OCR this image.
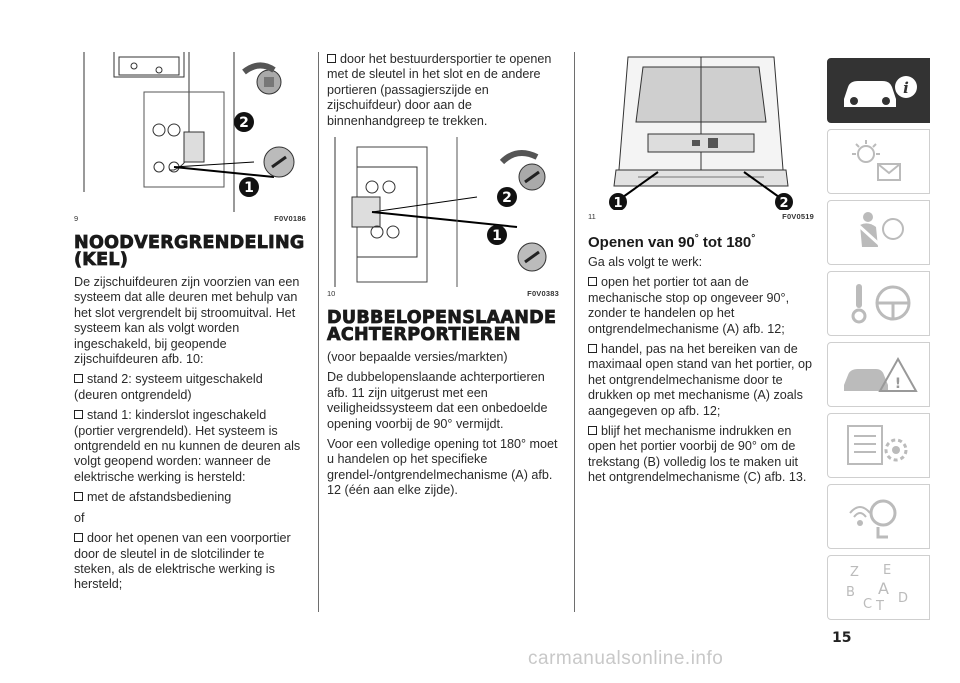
2
1
9	F0V0186
NOODVERGRENDELING (KEL)

De zijschuifdeuren zijn voorzien van een systeem dat alle deuren met behulp van het slot vergrendelt bij stroomuitval. Het systeem kan als volgt worden ingeschakeld, bij geopende zijschuifdeuren afb. 10:

stand 2: systeem uitgeschakeld (deuren ontgrendeld)

stand 1: kinderslot ingeschakeld (portier vergrendeld). Het systeem is ontgrendeld en nu kunnen de deuren als volgt geopend worden: wanneer de elektrische werking is hersteld:

met de afstandsbediening

of

door het openen van een voorportier door de sleutel in de slotcilinder te steken, als de elektrische werking is hersteld;

door het bestuurdersportier te openen met de sleutel in het slot en de andere portieren (passagierszijde en zijschuifdeur) door aan de binnenhandgreep te trekken.

2
1
10	F0V0383
DUBBELOPENSLAANDE ACHTERPORTIEREN

(voor bepaalde versies/markten)

De dubbelopenslaande achterportieren afb. 11 zijn uitgerust met een veiligheidssysteem dat een onbedoelde opening voorbij de 90° vermijdt.

Voor een volledige opening tot 180° moet u handelen op het specifieke grendel-/ontgrendelmechanisme (A) afb. 12 (één aan elke zijde).

1	2
11	F0V0519
Openen van 90° tot 180°

Ga als volgt te werk:

open het portier tot aan de mechanische stop op ongeveer 90°, zonder te handelen op het ontgrendelmechanisme (A) afb. 12;

handel, pas na het bereiken van de maximaal open stand van het portier, op het ontgrendelmechanisme door te drukken op met mechanisme (A) zoals aangegeven op afb. 12;

blijf het mechanisme indrukken en open het portier voorbij de 90° om de trekstang (B) volledig los te maken uit het ontgrendelmechanisme (C) afb. 13.

i
!
Z E
B A
C D
T
15
carmanualsonline.info
